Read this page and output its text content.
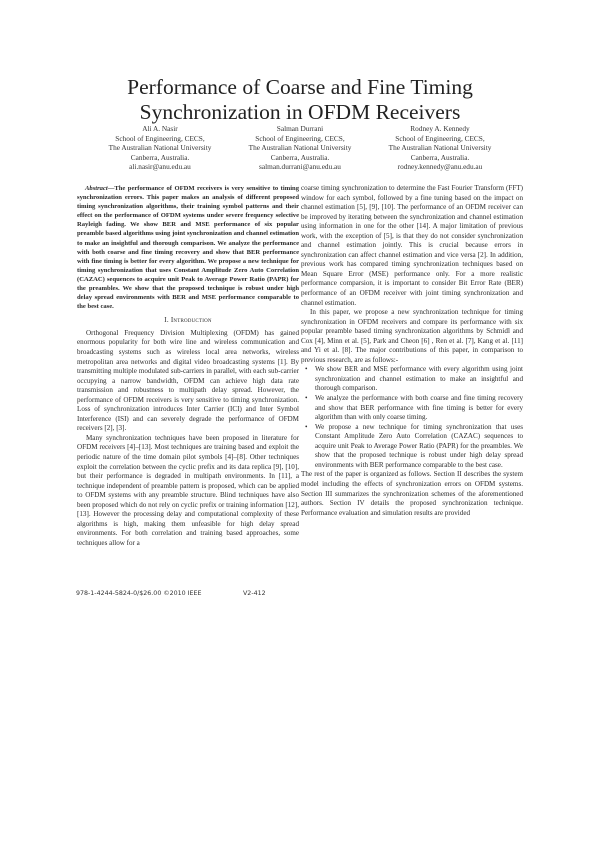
Performance of Coarse and Fine Timing
Synchronization in OFDM Receivers
Ali A. Nasir
School of Engineering, CECS,
The Australian National University
Canberra, Australia.
ali.nasir@anu.edu.au
Salman Durrani
School of Engineering, CECS,
The Australian National University
Canberra, Australia.
salman.durrani@anu.edu.au
Rodney A. Kennedy
School of Engineering, CECS,
The Australian National University
Canberra, Australia.
rodney.kennedy@anu.edu.au

Abstract—The performance of OFDM receivers is very sensitive to timing synchronization errors. This paper makes an analysis of different proposed timing synchronization algorithms, their training symbol patterns and their effect on the performance of OFDM systems under severe frequency selective Rayleigh fading. We show BER and MSE performance of six popular preamble based algorithms using joint synchronization and channel estimation to make an insightful and thorough comparison. We analyze the performance with both coarse and fine timing recovery and show that BER performance with fine timing is better for every algorithm. We propose a new technique for timing synchronization that uses Constant Amplitude Zero Auto Correlation (CAZAC) sequences to acquire unit Peak to Average Power Ratio (PAPR) for the preambles. We show that the proposed technique is robust under high delay spread environments with BER and MSE performance comparable to the best case.

I. Introduction

Orthogonal Frequency Division Multiplexing (OFDM) has gained enormous popularity for both wire line and wireless communication and broadcasting systems such as wireless local area networks, wireless metropolitan area networks and digital video broadcasting systems [1]. By transmitting multiple modulated sub-carriers in parallel, with each sub-carrier occupying a narrow bandwidth, OFDM can achieve high data rate transmission and robustness to multipath delay spread. However, the performance of OFDM receivers is very sensitive to timing synchronization. Loss of synchronization introduces Inter Carrier (ICI) and Inter Symbol Interference (ISI) and can severely degrade the performance of OFDM receivers [2], [3].

Many synchronization techniques have been proposed in literature for OFDM receivers [4]–[13]. Most techniques are training based and exploit the periodic nature of the time domain pilot symbols [4]–[8]. Other techniques exploit the correlation between the cyclic prefix and its data replica [9], [10], but their performance is degraded in multipath environments. In [11], a technique independent of preamble pattern is proposed, which can be applied to OFDM systems with any preamble structure. Blind techniques have also been proposed which do not rely on cyclic prefix or training information [12], [13]. However the processing delay and computational complexity of these algorithms is high, making them unfeasible for high delay spread environments. For both correlation and training based approaches, some techniques allow for a

coarse timing synchronization to determine the Fast Fourier Transform (FFT) window for each symbol, followed by a fine tuning based on the impact on channel estimation [5], [9], [10]. The performance of an OFDM receiver can be improved by iterating between the synchronization and channel estimation using information in one for the other [14]. A major limitation of previous work, with the exception of [5], is that they do not consider synchronization and channel estimation jointly. This is crucial because errors in synchronization can affect channel estimation and vice versa [2]. In addition, previous work has compared timing synchronization techniques based on Mean Square Error (MSE) performance only. For a more realistic performance comparsion, it is important to consider Bit Error Rate (BER) performance of an OFDM receiver with joint timing synchronization and channel estimation.

In this paper, we propose a new synchronization technique for timing synchronization in OFDM receivers and compare its performance with six popular preamble based timing synchronization algorithms by Schmidl and Cox [4], Minn et al. [5], Park and Cheon [6] , Ren et al. [7], Kang et al. [11] and Yi et al. [8]. The major contributions of this paper, in comparison to previous research, are as follows:-

• We show BER and MSE performance with every algorithm using joint synchronization and channel estimation to make an insightful and thorough comparison.
• We analyze the performance with both coarse and fine timing recovery and show that BER performance with fine timing is better for every algorithm than with only coarse timing.
• We propose a new technique for timing synchronization that uses Constant Amplitude Zero Auto Correlation (CAZAC) sequences to acquire unit Peak to Average Power Ratio (PAPR) for the preambles. We show that the proposed technique is robust under high delay spread environments with BER performance comparable to the best case.

The rest of the paper is organized as follows. Section II describes the system model including the effects of synchronization errors on OFDM systems. Section III summarizes the synchronization schemes of the aforementioned authors. Section IV details the proposed synchronization technique. Performance evaluation and simulation results are provided

978-1-4244-5824-0/$26.00 ©2010 IEEE	V2-412
